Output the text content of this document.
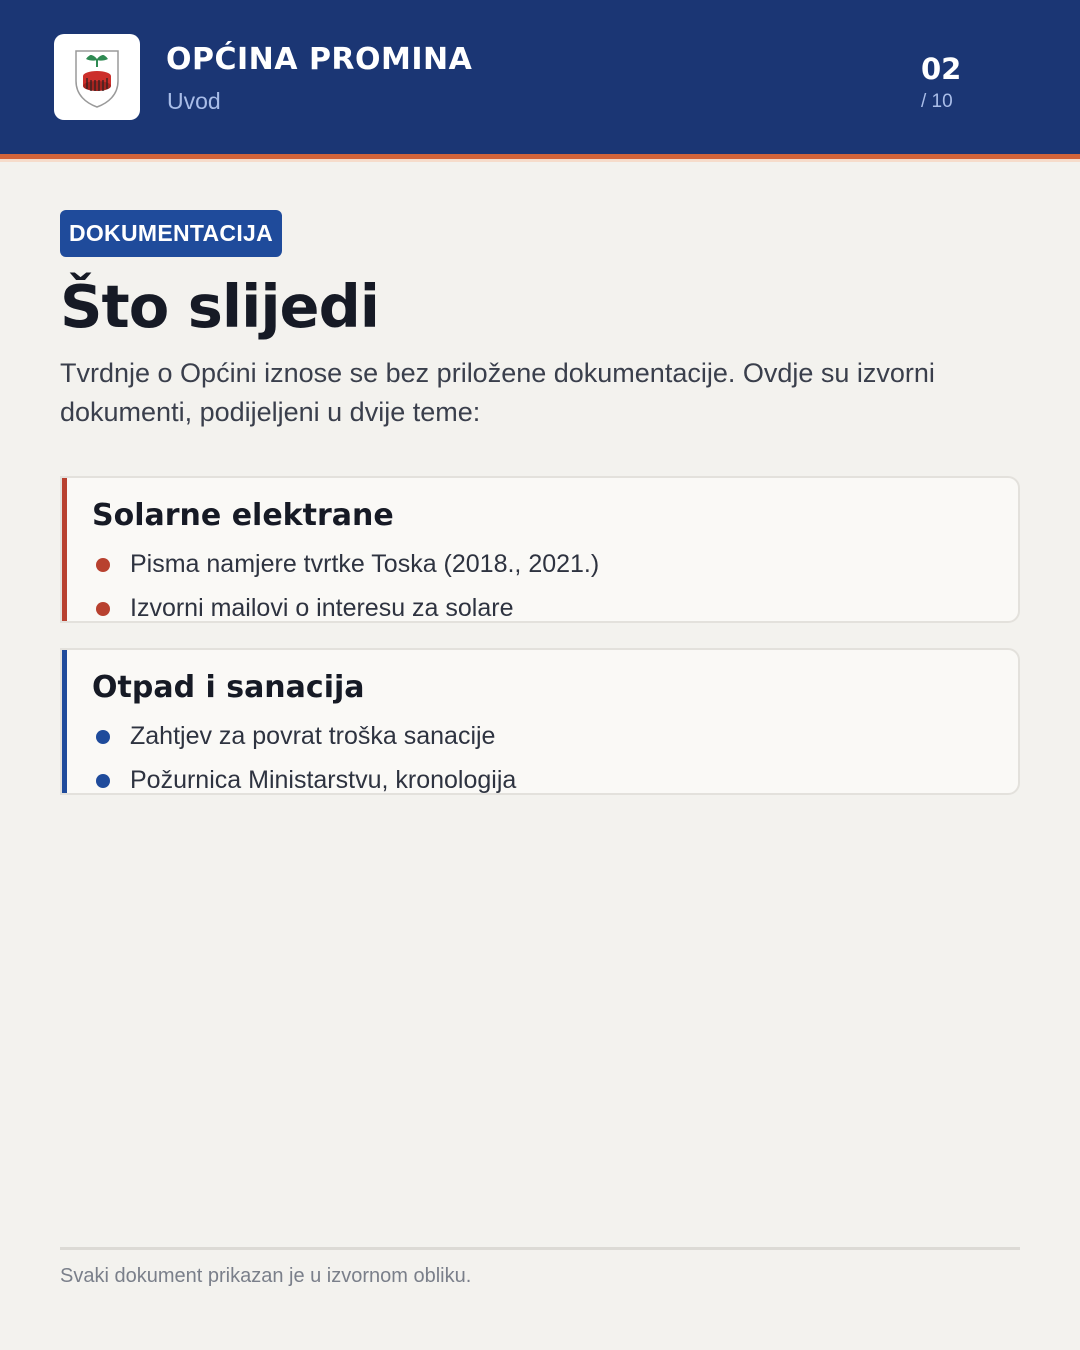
OPĆINA PROMINA
Uvod
02
/ 10
DOKUMENTACIJA
Što slijedi

Tvrdnje o Općini iznose se bez priložene dokumentacije. Ovdje su izvorni dokumenti, podijeljeni u dvije teme:

Solarne elektrane
Pisma namjere tvrtke Toska (2018., 2021.)
Izvorni mailovi o interesu za solare
Otpad i sanacija
Zahtjev za povrat troška sanacije
Požurnica Ministarstvu, kronologija
Svaki dokument prikazan je u izvornom obliku.
